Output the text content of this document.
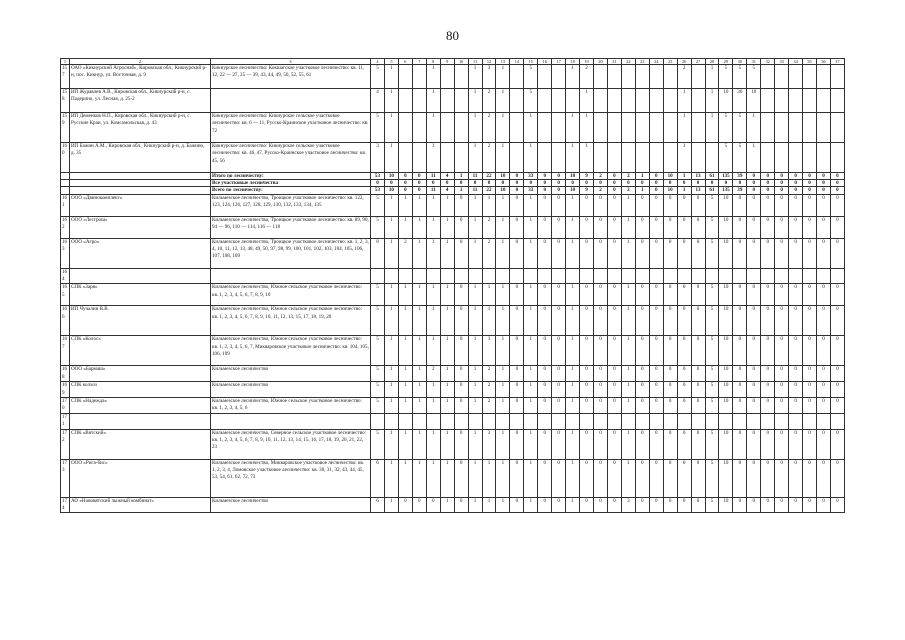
80
1	2	3	4	5	6	7	8	9	10	11	12	13	14	15	16	17	18	19	20	21	22	23	24	25	26	27	28	29	30	31	32	33	34	35	36	37	
157	ОАО «Кикнурский Агроснаб», Кировская обл., Кикнурский р-н, пос. Кикнур, ул. Восточная, д. 9	Кикнурское лесничество: Кокшагское участковое лесничество: кв. 11, 12, 22 — 27, 25 — 39, 43, 44, 49, 50, 52, 55, 61	5	1			1			1	3	1		5			1	2							2		1	5	5	5							
158	ИП Журавлев А.В., Кировская обл., Кикнурский р-н, с. Падерино, ул. Лесная, д. 25-2		4	1			1			1	2	1		5				1							1		1	10	30	10							
159	ИП Деменков Н.П., Кировская обл., Кикнурский р-н, с. Русские Краи, ул. Комсомольская, д. 43	Кикнурское лесничество: Кикнурское сельское участковое лесничество: кв. 6 — 11, Русско-Краинское участковое лесничество: кв. 72	5	1			1			1	2	1		1			1	1							1		1	5	5	1							
160	ИП Бажин А.М., Кировская обл., Кикнурский р-н, д. Бажино, д. 35	Кикнурское лесничество: Кикнурское сельское участковое лесничество: кв. 46, 47, Русско-Краинское участковое лесничество: кв. 45, 56	3	1			1			1	2	1		1			1	1							1			5	5	1							
		Итого по лесничеству:	53	10	0	0	11	4	1	11	22	10	0	33	0	0	10	9	2	0	2	1	0	10	1	13	61	135	39	0	0	0	0	0	0	0	
		Все участковые лесничества	0	0	0	0	0	0	0	0	0	0	0	0	0	0	0	0	0	0	0	0	0	0	0	0	0	0	0	0	0	0	0	0	0	0	
		Всего по лесничеству:	53	10	0	0	11	4	1	11	22	10	0	33	0	0	10	9	2	0	2	1	0	10	1	13	61	135	39	0	0	0	0	0	0	0	
161	ООО «Двинокомплект»	Кильмезское лесничество, Троицкое участковое лесничество: кв. 122, 123, 124, 126, 127, 128, 129, 130, 132, 133, 134, 135	5	1	1	1	1	1	0	1	1	1	0	1	0	0	1	0	0	0	1	0	0	0	0	0	5	10	0	0	0	0	0	0	0	0	
162	ООО «Лесгрош»	Кильмезское лесничество, Троицкое участковое лесничество: кв. 89, 90, 94 — 96, 110 — 114, 116 — 118	5	1	1	1	1	1	0	1	2	1	0	1	0	0	1	0	0	0	1	0	0	0	0	0	5	10	0	0	0	0	0	0	0	0	
163	ООО «Агро»	Кильмезское лесничество, Троицкое участковое лесничество: кв. 1, 2, 3, 4, 10, 11, 12, 13, 48, 49, 50, 97, 98, 99, 100, 101, 102, 103, 104, 105, 106, 107, 108, 109	8	1	2	1	1	1	0	1	2	1	0	1	0	0	1	0	0	0	1	0	0	0	0	0	5	10	0	0	0	0	0	0	0	0	
164																																					
165	СПК «Заря»	Кильмезское лесничество, Южное сельское участковое лесничество: кв. 1, 2, 3, 4, 5, 6, 7, 8, 9, 10	5	1	1	1	1	1	0	1	1	1	0	1	0	0	1	0	0	0	1	0	0	0	0	0	5	10	0	0	0	0	0	0	0	0	
166	ИП Чучалин В.В.	Кильмезское лесничество, Южное сельское участковое лесничество: кв. 1, 2, 3, 4, 5, 6, 7, 8, 9, 10, 11, 12, 13, 15, 17, 18, 19, 20	5	1	1	1	1	1	0	1	1	1	0	1	0	0	1	0	0	0	1	0	0	0	0	0	5	10	0	0	0	0	0	0	0	0	
167	СПК «Колос»	Кильмезское лесничество, Южное сельское участковое лесничество: кв. 1, 2, 3, 4, 5, 6, 7, Микваровское участковое лесничество: кв. 104, 105, 106, 109	5	1	1	1	1	1	0	1	1	1	0	1	0	0	1	0	0	0	1	0	0	0	0	0	5	10	0	0	0	0	0	0	0	0	
168	ООО «Бармаш»	Кильмезское лесничество	5	1	1	1	2	1	0	1	2	1	0	1	0	0	1	0	0	0	1	0	0	0	0	0	5	10	0	0	0	0	0	0	0	0	
169	СПК колхоз	Кильмезское лесничество	5	1	1	1	1	1	0	1	2	1	0	1	0	0	1	0	0	0	1	0	0	0	0	0	5	10	0	0	0	0	0	0	0	0	
170	СПК «Надежда»	Кильмезское лесничество, Южное сельское участковое лесничество: кв. 1, 2, 3, 4, 5, 6	5	1	1	1	1	1	0	1	2	1	0	1	0	0	1	0	0	0	1	0	0	0	0	0	5	10	0	0	0	0	0	0	0	0	
171																																					
172	СПК «Вятский»	Кильмезское лесничество, Северное сельское участковое лесничество: кв. 1, 2, 3, 4, 5, 6, 7, 8, 9, 10, 11, 12, 13, 14, 15, 16, 17, 18, 19, 20, 21, 22, 23	5	1	1	1	1	1	0	1	3	1	0	1	0	0	1	0	0	0	1	0	0	0	0	0	5	10	0	0	0	0	0	0	0	0	
173	ООО «Рига-бис»	Кильмезское лесничество, Микваровское участковое лесничество: кв. 1, 2, 3, 4, Ломовское участковое лесничество: кв. 30, 31, 32, 43, 44, 45, 53, 54, 61, 62, 72, 73	6	1	1	1	1	1	0	1	1	1	0	1	0	0	1	0	0	0	1	0	0	0	0	0	5	10	0	0	0	0	0	0	0	0	
174	АО «Нововятский лыжный комбинат»	Кильмезское лесничество	6	1	0	0	0	1	0	1	1	1	0	1	0	0	1	0	0	0	3	0	0	0	0	0	5	10	0	0	0	0	0	0	0	0	
